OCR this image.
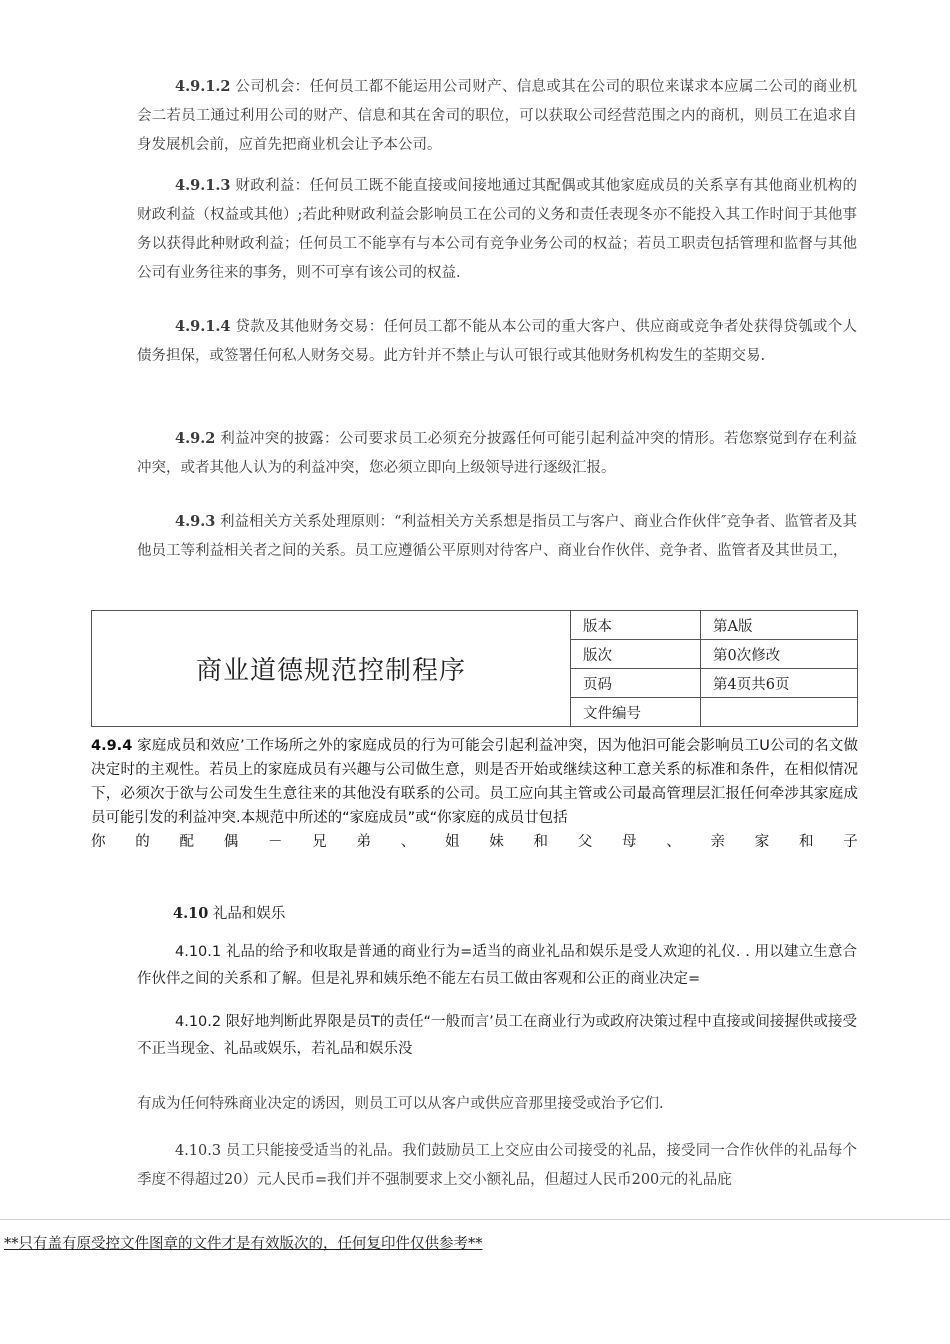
4.9.1.2 公司机会：任何员工都不能运用公司财产、信息或其在公司的职位来谋求本应属二公司的商业机会二若员工通过利用公司的财产、信息和其在舍司的职位，可以获取公司经营范围之内的商机，则员工在追求自身发展机会前，应首先把商业机会让予本公司。
4.9.1.3 财政利益：任何员工既不能直接或间接地通过其配偶或其他家庭成员的关系享有其他商业机构的财政利益（权益或其他）;若此种财政利益会影响员工在公司的义务和责任表现冬亦不能投入其工作时间于其他事务以获得此种财政利益；任何员工不能享有与本公司有竞争业务公司的权益；若员工职责包括管理和监督与其他公司有业务往来的事务，则不可享有该公司的权益.
4.9.1.4 贷款及其他财务交易：任何员工都不能从本公司的重大客户、供应商或竞争者处获得贷瓠或个人债务担保，或签署任何私人财务交易。此方针并不禁止与认可银行或其他财务机构发生的荃期交易.
4.9.2 利益冲突的披露：公司要求员工必须充分披露任何可能引起利益冲突的情形。若您察觉到存在利益冲突，或者其他人认为的利益冲突，您必须立即向上级领导进行逐级汇报。
4.9.3 利益相关方关系处理原则：“利益相关方关系想是指员工与客户、商业合作伙伴″竞争者、监管者及其他员工等利益相关者之间的关系。员工应遵循公平原则对待客户、商业台作伙伴、竞争者、监管者及其世员工，
商业道德规范控制程序	版本	第A版
	版次	第0次修改
	页码	第4页共6页
	文件编号	
4.9.4 家庭成员和效应’工作场所之外的家庭成员的行为可能会引起利益冲突，因为他汩可能会影响员工U公司的名文做决定时的主观性。若员上的家庭成员有兴趣与公司做生意，则是否开始或继续这种工意关系的标准和条件，在相似情况下，必须次于欲与公司发生生意往来的其他没有联系的公司。员工应向其主管或公司最高管理层汇报任何牵涉其家庭成员可能引发的利益冲突.本规范中所述的“家庭成员”或“你家庭的成员廿包括
你 的 配 偶 － 兄 弟 、 姐 妹 和 父 母 、 亲 家 和 子
4.10 礼品和娱乐
4.10.1 礼品的给予和收取是普通的商业行为=适当的商业礼品和娱乐是受人欢迎的礼仪. . 用以建立生意合作伙伴之间的关系和了解。但是礼界和姨乐绝不能左右员工做由客观和公正的商业决定=
4.10.2 限好地判断此界限是员T的责任“一般而言’员工在商业行为或政府决策过程中直接或间接握供或接受不正当现金、礼品或娱乐，若礼品和娱乐没
有成为任何特殊商业决定的诱因，则员工可以从客户或供应音那里接受或治予它们.
4.10.3 员工只能接受适当的礼品。我们鼓励员工上交应由公司接受的礼品，接受同一合作伙伴的礼品每个季度不得超过20）元人民币=我们并不强制要求上交小额礼品，但超过人民币200元的礼品庇
**只有盖有原受控文件图章的文件才是有效版次的，任何复印件仅供参考**
